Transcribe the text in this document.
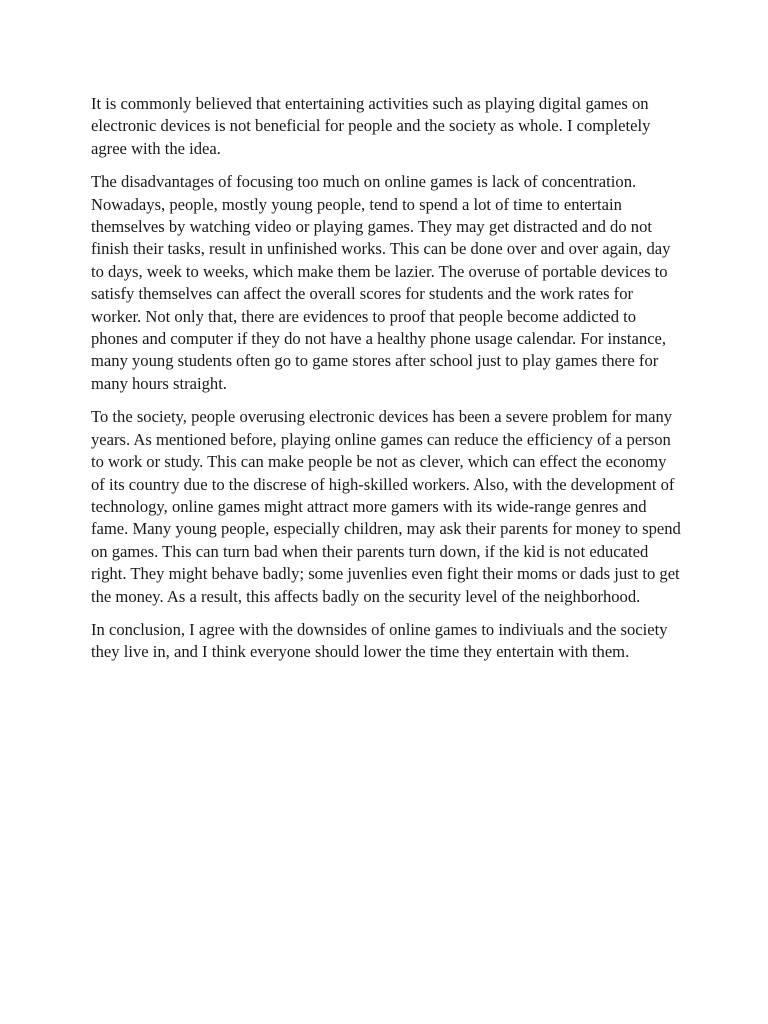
It is commonly believed that entertaining activities such as playing digital games on electronic devices is not beneficial for people and the society as whole. I completely agree with the idea.

The disadvantages of focusing too much on online games is lack of concentration. Nowadays, people, mostly young people, tend to spend a lot of time to entertain themselves by watching video or playing games. They may get distracted and do not finish their tasks, result in unfinished works. This can be done over and over again, day to days, week to weeks, which make them be lazier. The overuse of portable devices to satisfy themselves can affect the overall scores for students and the work rates for worker. Not only that, there are evidences to proof that people become addicted to phones and computer if they do not have a healthy phone usage calendar. For instance, many young students often go to game stores after school just to play games there for many hours straight.

To the society, people overusing electronic devices has been a severe problem for many years. As mentioned before, playing online games can reduce the efficiency of a person to work or study. This can make people be not as clever, which can effect the economy of its country due to the discrese of high-skilled workers. Also, with the development of technology, online games might attract more gamers with its wide-range genres and fame. Many young people, especially children, may ask their parents for money to spend on games. This can turn bad when their parents turn down, if the kid is not educated right. They might behave badly; some juvenlies even fight their moms or dads just to get the money. As a result, this affects badly on the security level of the neighborhood.

In conclusion, I agree with the downsides of online games to indiviuals and the society they live in, and I think everyone should lower the time they entertain with them.
